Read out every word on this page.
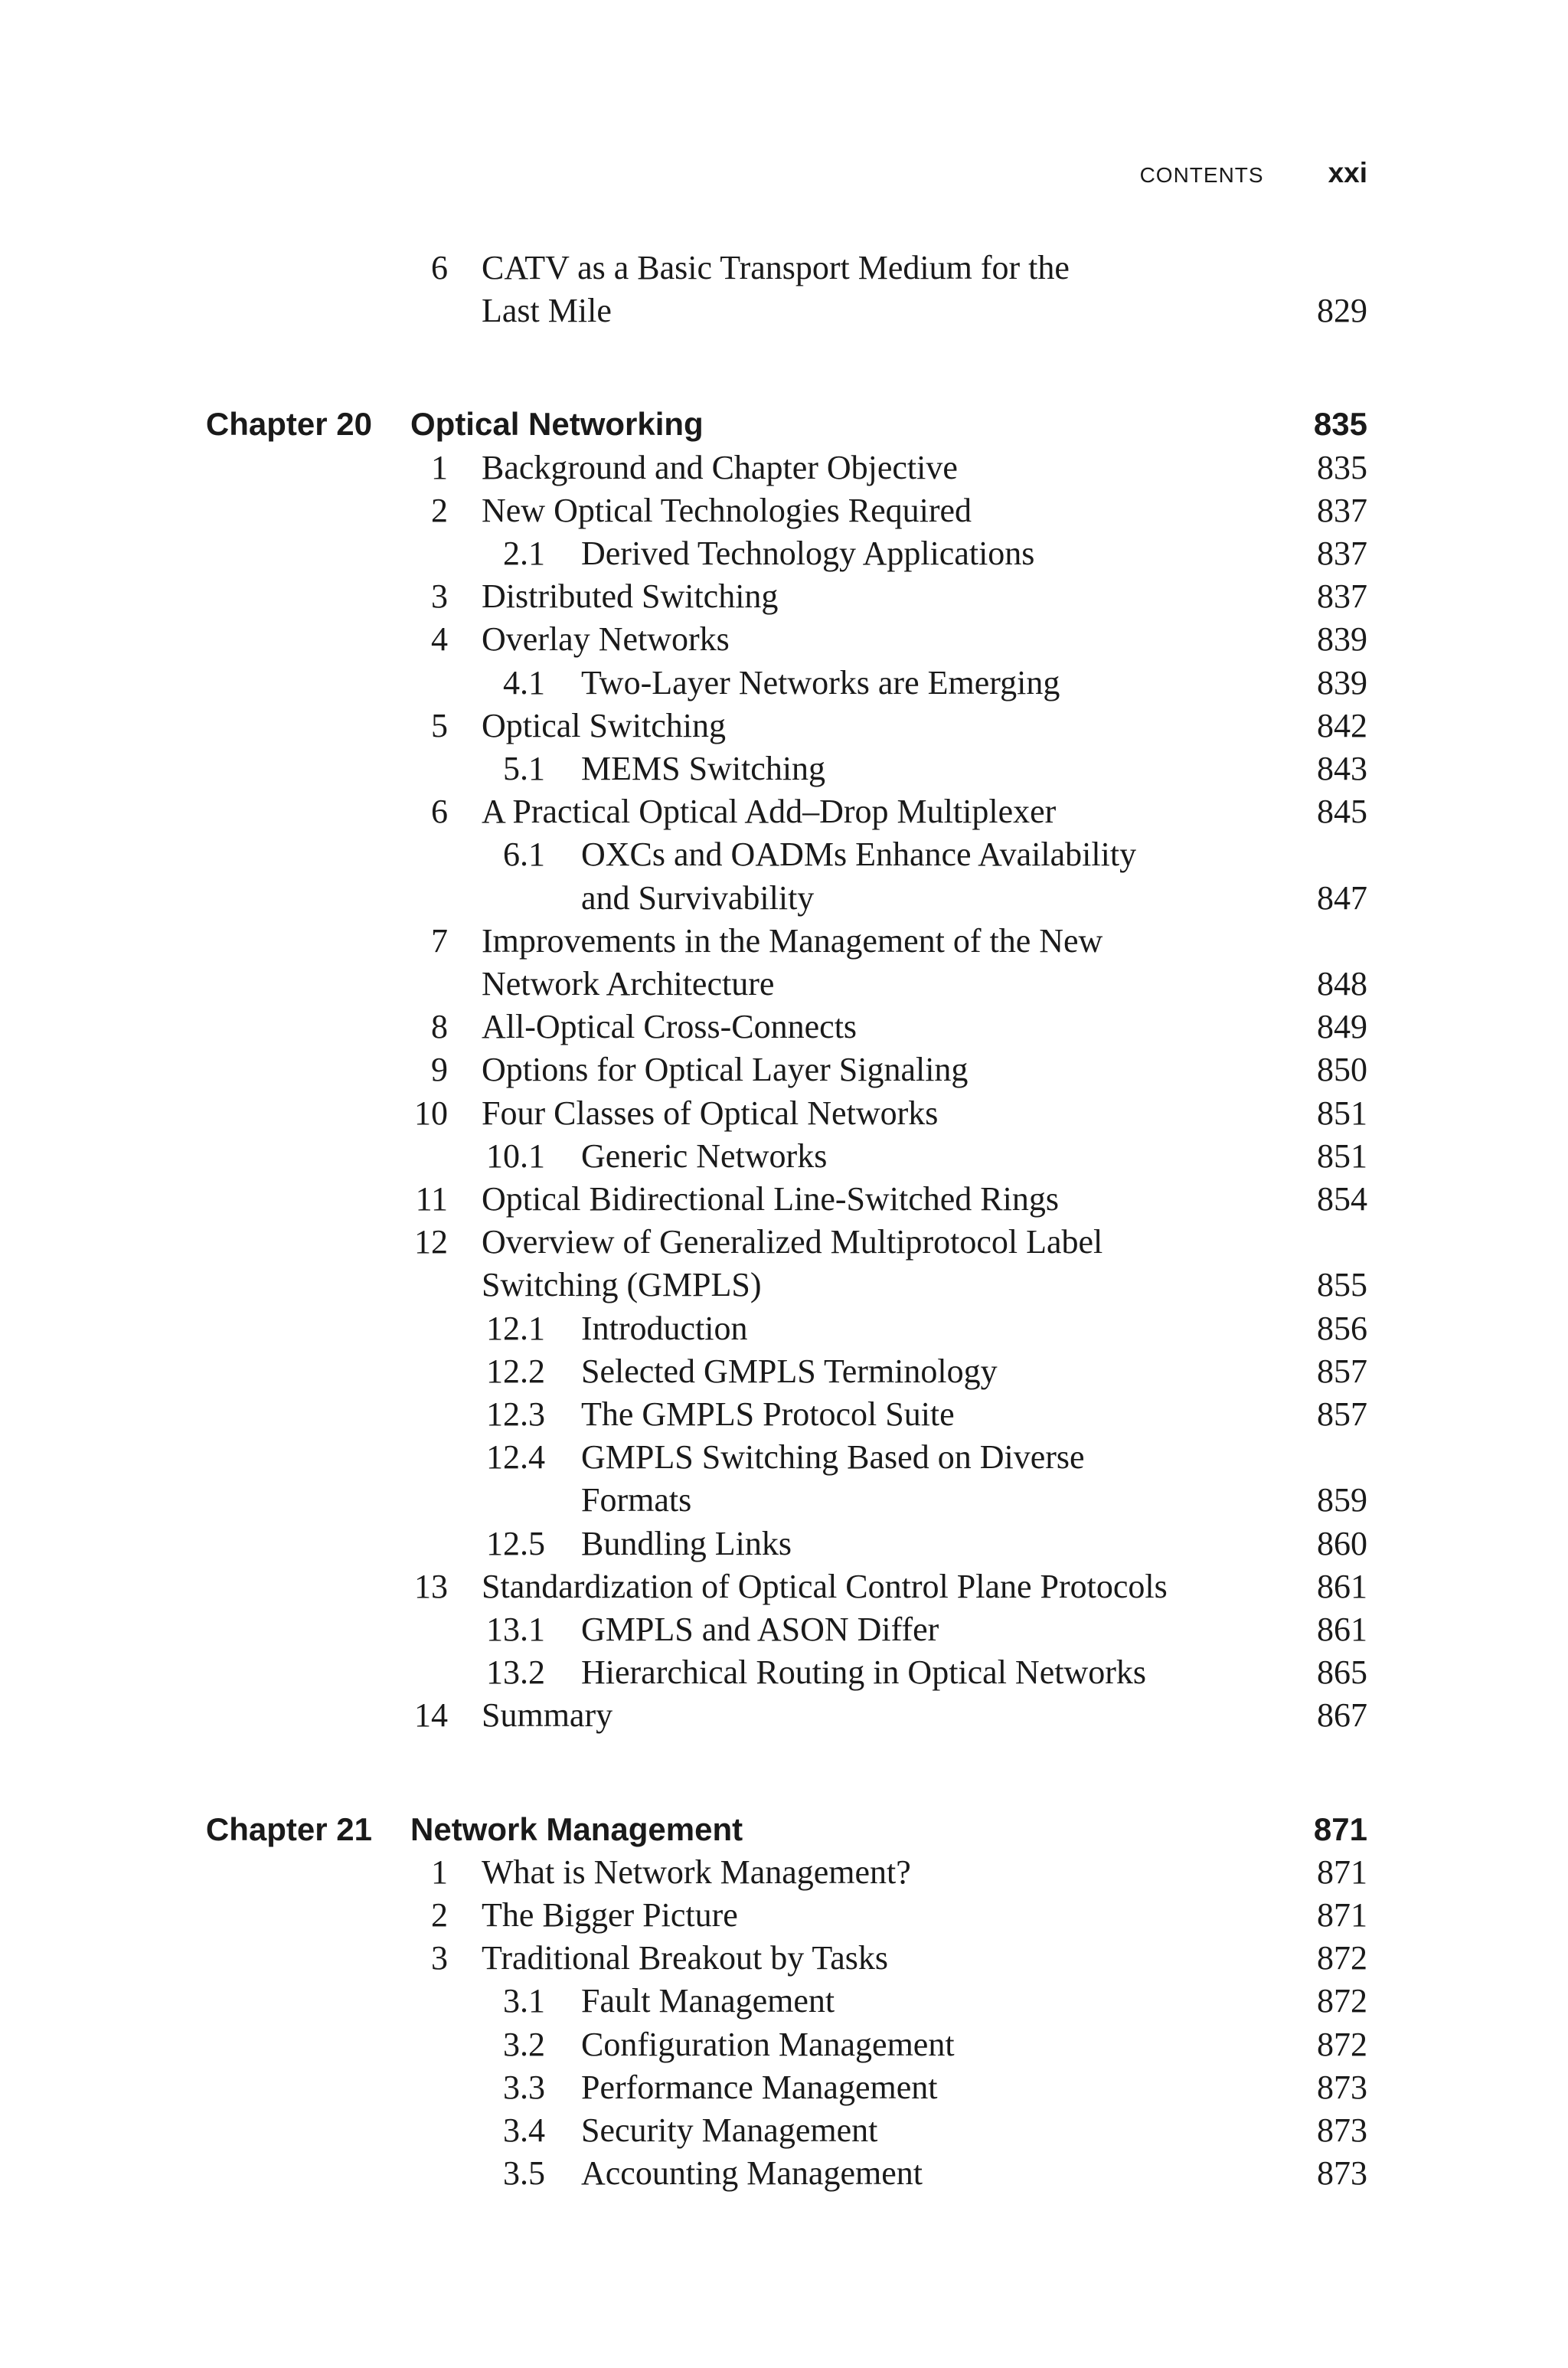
CONTENTS xxi
6 CATV as a Basic Transport Medium for the
Last Mile	829
Chapter 20 Optical Networking	835
1 Background and Chapter Objective	835
2 New Optical Technologies Required	837
2.1 Derived Technology Applications	837
3 Distributed Switching	837
4 Overlay Networks	839
4.1 Two-Layer Networks are Emerging	839
5 Optical Switching	842
5.1 MEMS Switching	843
6 A Practical Optical Add–Drop Multiplexer	845
6.1 OXCs and OADMs Enhance Availability
and Survivability	847
7 Improvements in the Management of the New
Network Architecture	848
8 All-Optical Cross-Connects	849
9 Options for Optical Layer Signaling	850
10 Four Classes of Optical Networks	851
10.1 Generic Networks	851
11 Optical Bidirectional Line-Switched Rings	854
12 Overview of Generalized Multiprotocol Label
Switching (GMPLS)	855
12.1 Introduction	856
12.2 Selected GMPLS Terminology	857
12.3 The GMPLS Protocol Suite	857
12.4 GMPLS Switching Based on Diverse
Formats	859
12.5 Bundling Links	860
13 Standardization of Optical Control Plane Protocols	861
13.1 GMPLS and ASON Differ	861
13.2 Hierarchical Routing in Optical Networks	865
14 Summary	867
Chapter 21 Network Management	871
1 What is Network Management?	871
2 The Bigger Picture	871
3 Traditional Breakout by Tasks	872
3.1 Fault Management	872
3.2 Configuration Management	872
3.3 Performance Management	873
3.4 Security Management	873
3.5 Accounting Management	873
